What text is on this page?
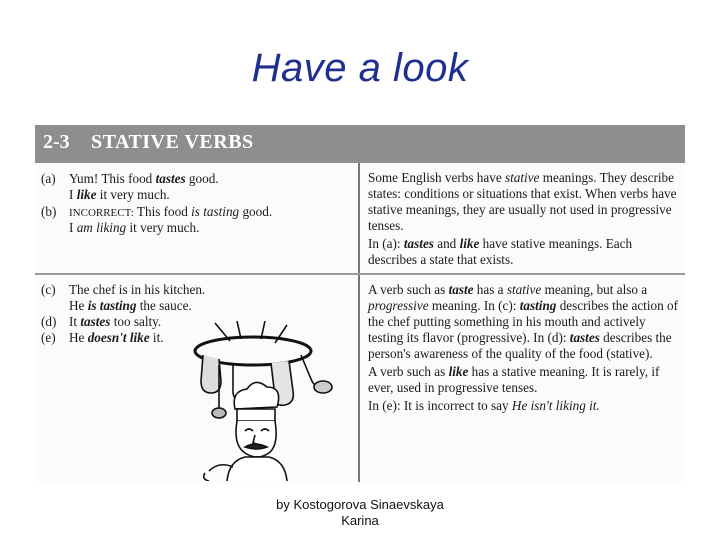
Have a look
2-3 STATIVE VERBS
(a) Yum! This food tastes good.
I like it very much.
(b) INCORRECT: This food is tasting good.
I am liking it very much.

Some English verbs have stative meanings. They describe states: conditions or situations that exist. When verbs have stative meanings, they are usually not used in progressive tenses.

In (a): tastes and like have stative meanings. Each describes a state that exists.

(c) The chef is in his kitchen.
He is tasting the sauce.
(d) It tastes too salty.
(e) He doesn't like it.

A verb such as taste has a stative meaning, but also a progressive meaning. In (c): tasting describes the action of the chef putting something in his mouth and actively testing its flavor (progressive). In (d): tastes describes the person's awareness of the quality of the food (stative).

A verb such as like has a stative meaning. It is rarely, if ever, used in progressive tenses.

In (e): It is incorrect to say He isn't liking it.

by Kostogorova Sinaevskaya
Karina
